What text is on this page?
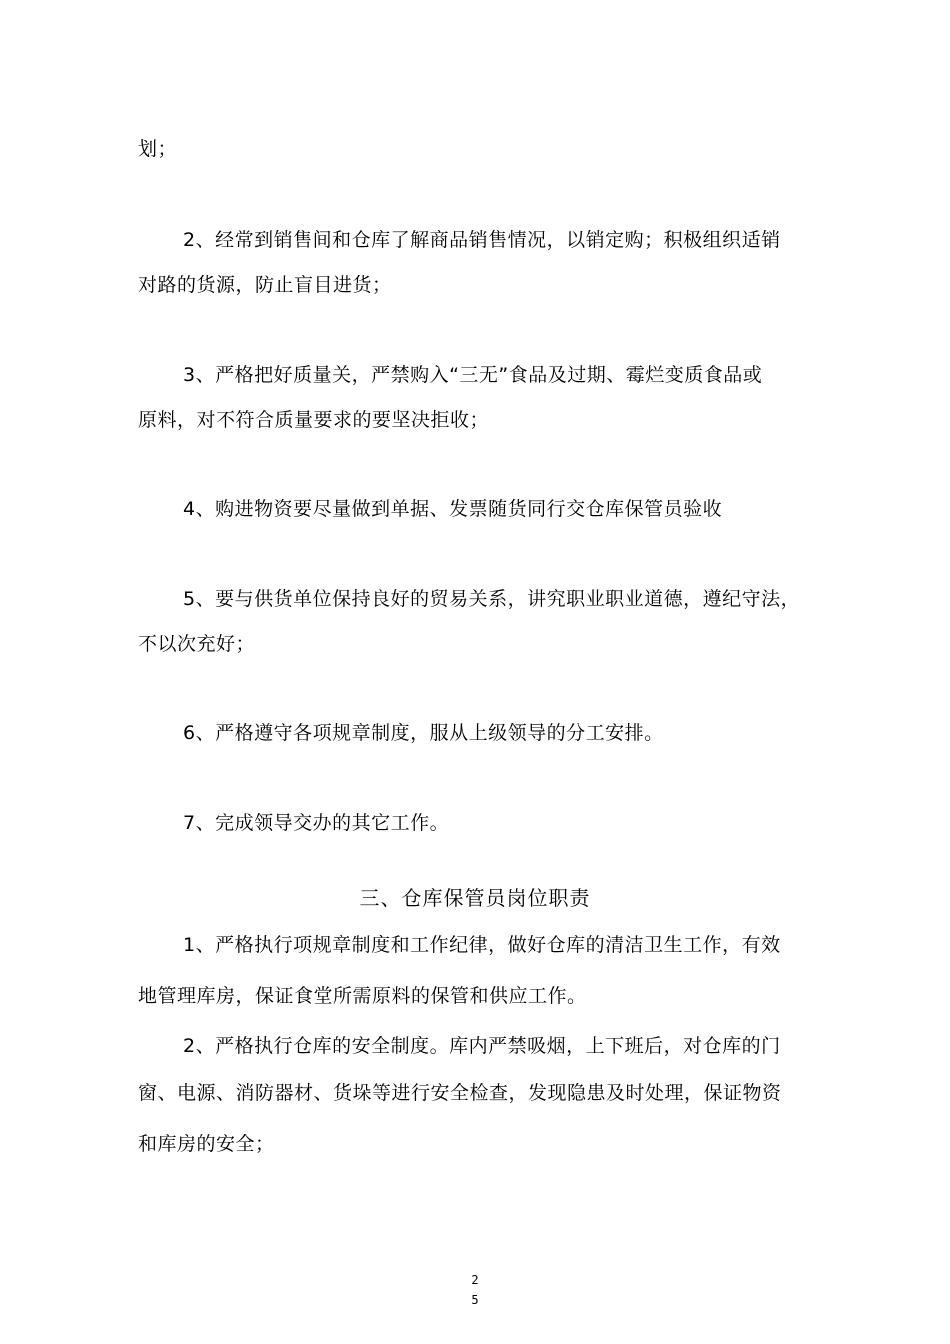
划；
2、经常到销售间和仓库了解商品销售情况，以销定购；积极组织适销
对路的货源，防止盲目进货；
3、严格把好质量关，严禁购入“三无”食品及过期、霉烂变质食品或
原料，对不符合质量要求的要坚决拒收；
4、购进物资要尽量做到单据、发票随货同行交仓库保管员验收
5、要与供货单位保持良好的贸易关系，讲究职业职业道德，遵纪守法，
不以次充好；
6、严格遵守各项规章制度，服从上级领导的分工安排。
7、完成领导交办的其它工作。
三、仓库保管员岗位职责
1、严格执行项规章制度和工作纪律，做好仓库的清洁卫生工作，有效
地管理库房，保证食堂所需原料的保管和供应工作。
2、严格执行仓库的安全制度。库内严禁吸烟，上下班后，对仓库的门
窗、电源、消防器材、货垛等进行安全检查，发现隐患及时处理，保证物资
和库房的安全；
2
5
